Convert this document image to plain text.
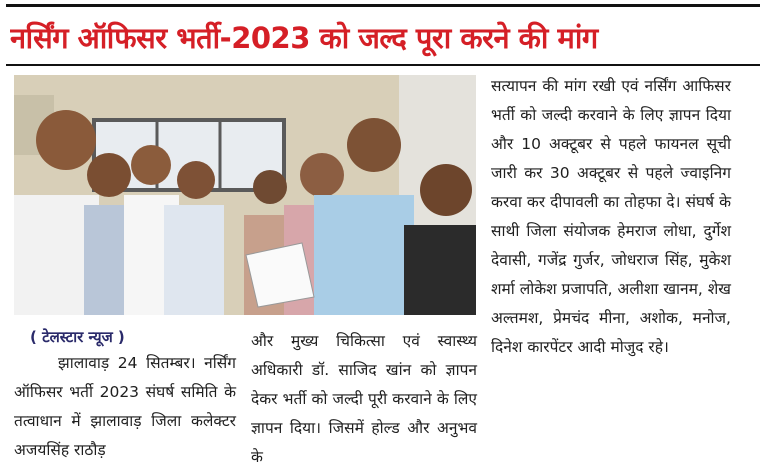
नर्सिंग ऑफिसर भर्ती-2023 को जल्द पूरा करने की मांग

( टेलस्टार न्यूज )

झालावाड़ 24 सितम्बर। नर्सिंग ऑफिसर भर्ती 2023 संघर्ष समिति के तत्वाधान में झालावाड़ जिला कलेक्टर अजयसिंह राठौड़

और मुख्य चिकित्सा एवं स्वास्थ्य अधिकारी डॉ. साजिद खांन को ज्ञापन देकर भर्ती को जल्दी पूरी करवाने के लिए ज्ञापन दिया। जिसमें होल्ड और अनुभव के

सत्यापन की मांग रखी एवं नर्सिंग आफिसर भर्ती को जल्दी करवाने के लिए ज्ञापन दिया और 10 अक्टूबर से पहले फायनल सूची जारी कर 30 अक्टूबर से पहले ज्वाइनिग करवा कर दीपावली का तोहफा दे। संघर्ष के साथी जिला संयोजक हेमराज लोधा, दुर्गेश देवासी, गजेंद्र गुर्जर, जोधराज सिंह, मुकेश शर्मा लोकेश प्रजापति, अलीशा खानम, शेख अल्तमश, प्रेमचंद मीना, अशोक, मनोज, दिनेश कारपेंटर आदी मोजुद रहे।
